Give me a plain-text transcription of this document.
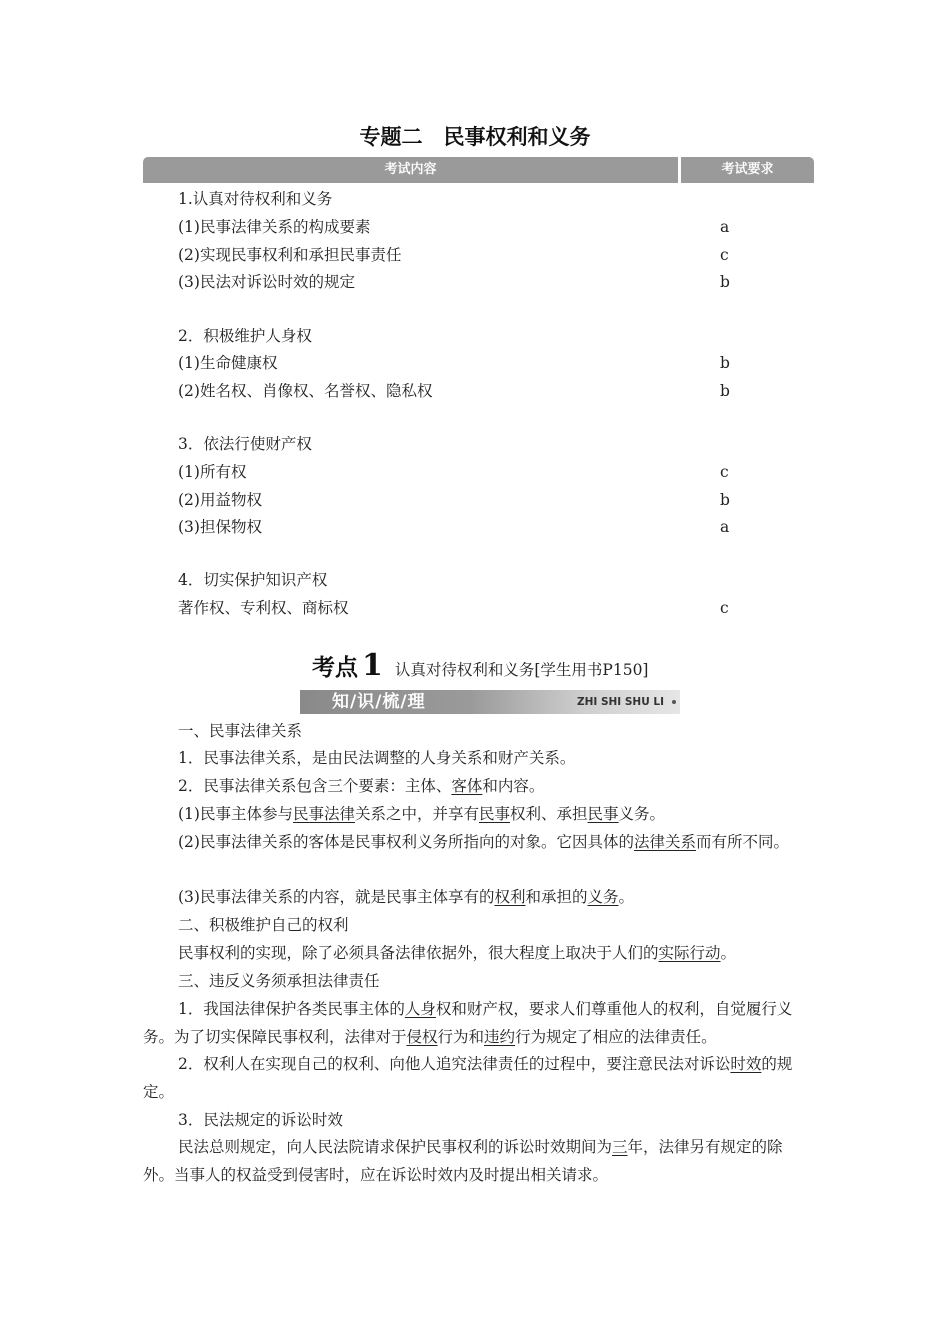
专题二　民事权利和义务
考试内容	考试要求
1.认真对待权利和义务
(1)民事法律关系的构成要素	a
(2)实现民事权利和承担民事责任	c
(3)民法对诉讼时效的规定	b
2．积极维护人身权
(1)生命健康权	b
(2)姓名权、肖像权、名誉权、隐私权	b
3．依法行使财产权
(1)所有权	c
(2)用益物权	b
(3)担保物权	a
4．切实保护知识产权
著作权、专利权、商标权	c
考点 1 认真对待权利和义务[学生用书P150]
知/识/梳/理	ZHI SHI SHU LI
一、民事法律关系
1．民事法律关系，是由民法调整的人身关系和财产关系。
2．民事法律关系包含三个要素：主体、客体和内容。
(1)民事主体参与民事法律关系之中，并享有民事权利、承担民事义务。
(2)民事法律关系的客体是民事权利义务所指向的对象。它因具体的法律关系而有所不同。
(3)民事法律关系的内容，就是民事主体享有的权利和承担的义务。
二、积极维护自己的权利
民事权利的实现，除了必须具备法律依据外，很大程度上取决于人们的实际行动。
三、违反义务须承担法律责任
1．我国法律保护各类民事主体的人身权和财产权，要求人们尊重他人的权利，自觉履行义务。为了切实保障民事权利，法律对于侵权行为和违约行为规定了相应的法律责任。
2．权利人在实现自己的权利、向他人追究法律责任的过程中，要注意民法对诉讼时效的规定。
3．民法规定的诉讼时效
民法总则规定，向人民法院请求保护民事权利的诉讼时效期间为三年，法律另有规定的除外。当事人的权益受到侵害时，应在诉讼时效内及时提出相关请求。
